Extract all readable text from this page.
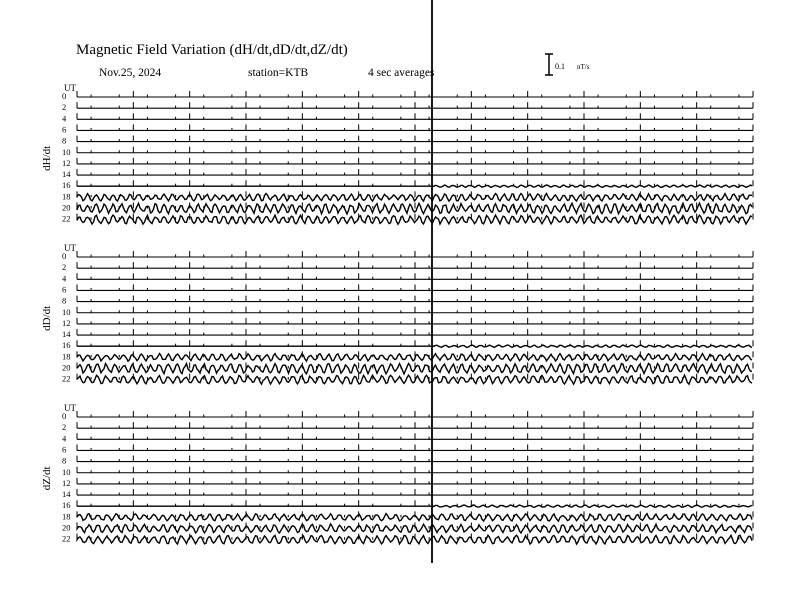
Magnetic Field Variation (dH/dt,dD/dt,dZ/dt)
Nov.25, 2024	station=KTB	4 sec averages
0.1 nT/s
UT
dH/dt
0
2
4
6
8
10
12
14
16
18
20
22
UT
dD/dt
0
2
4
6
8
10
12
14
16
18
20
22
UT
dZ/dt
0
2
4
6
8
10
12
14
16
18
20
22
